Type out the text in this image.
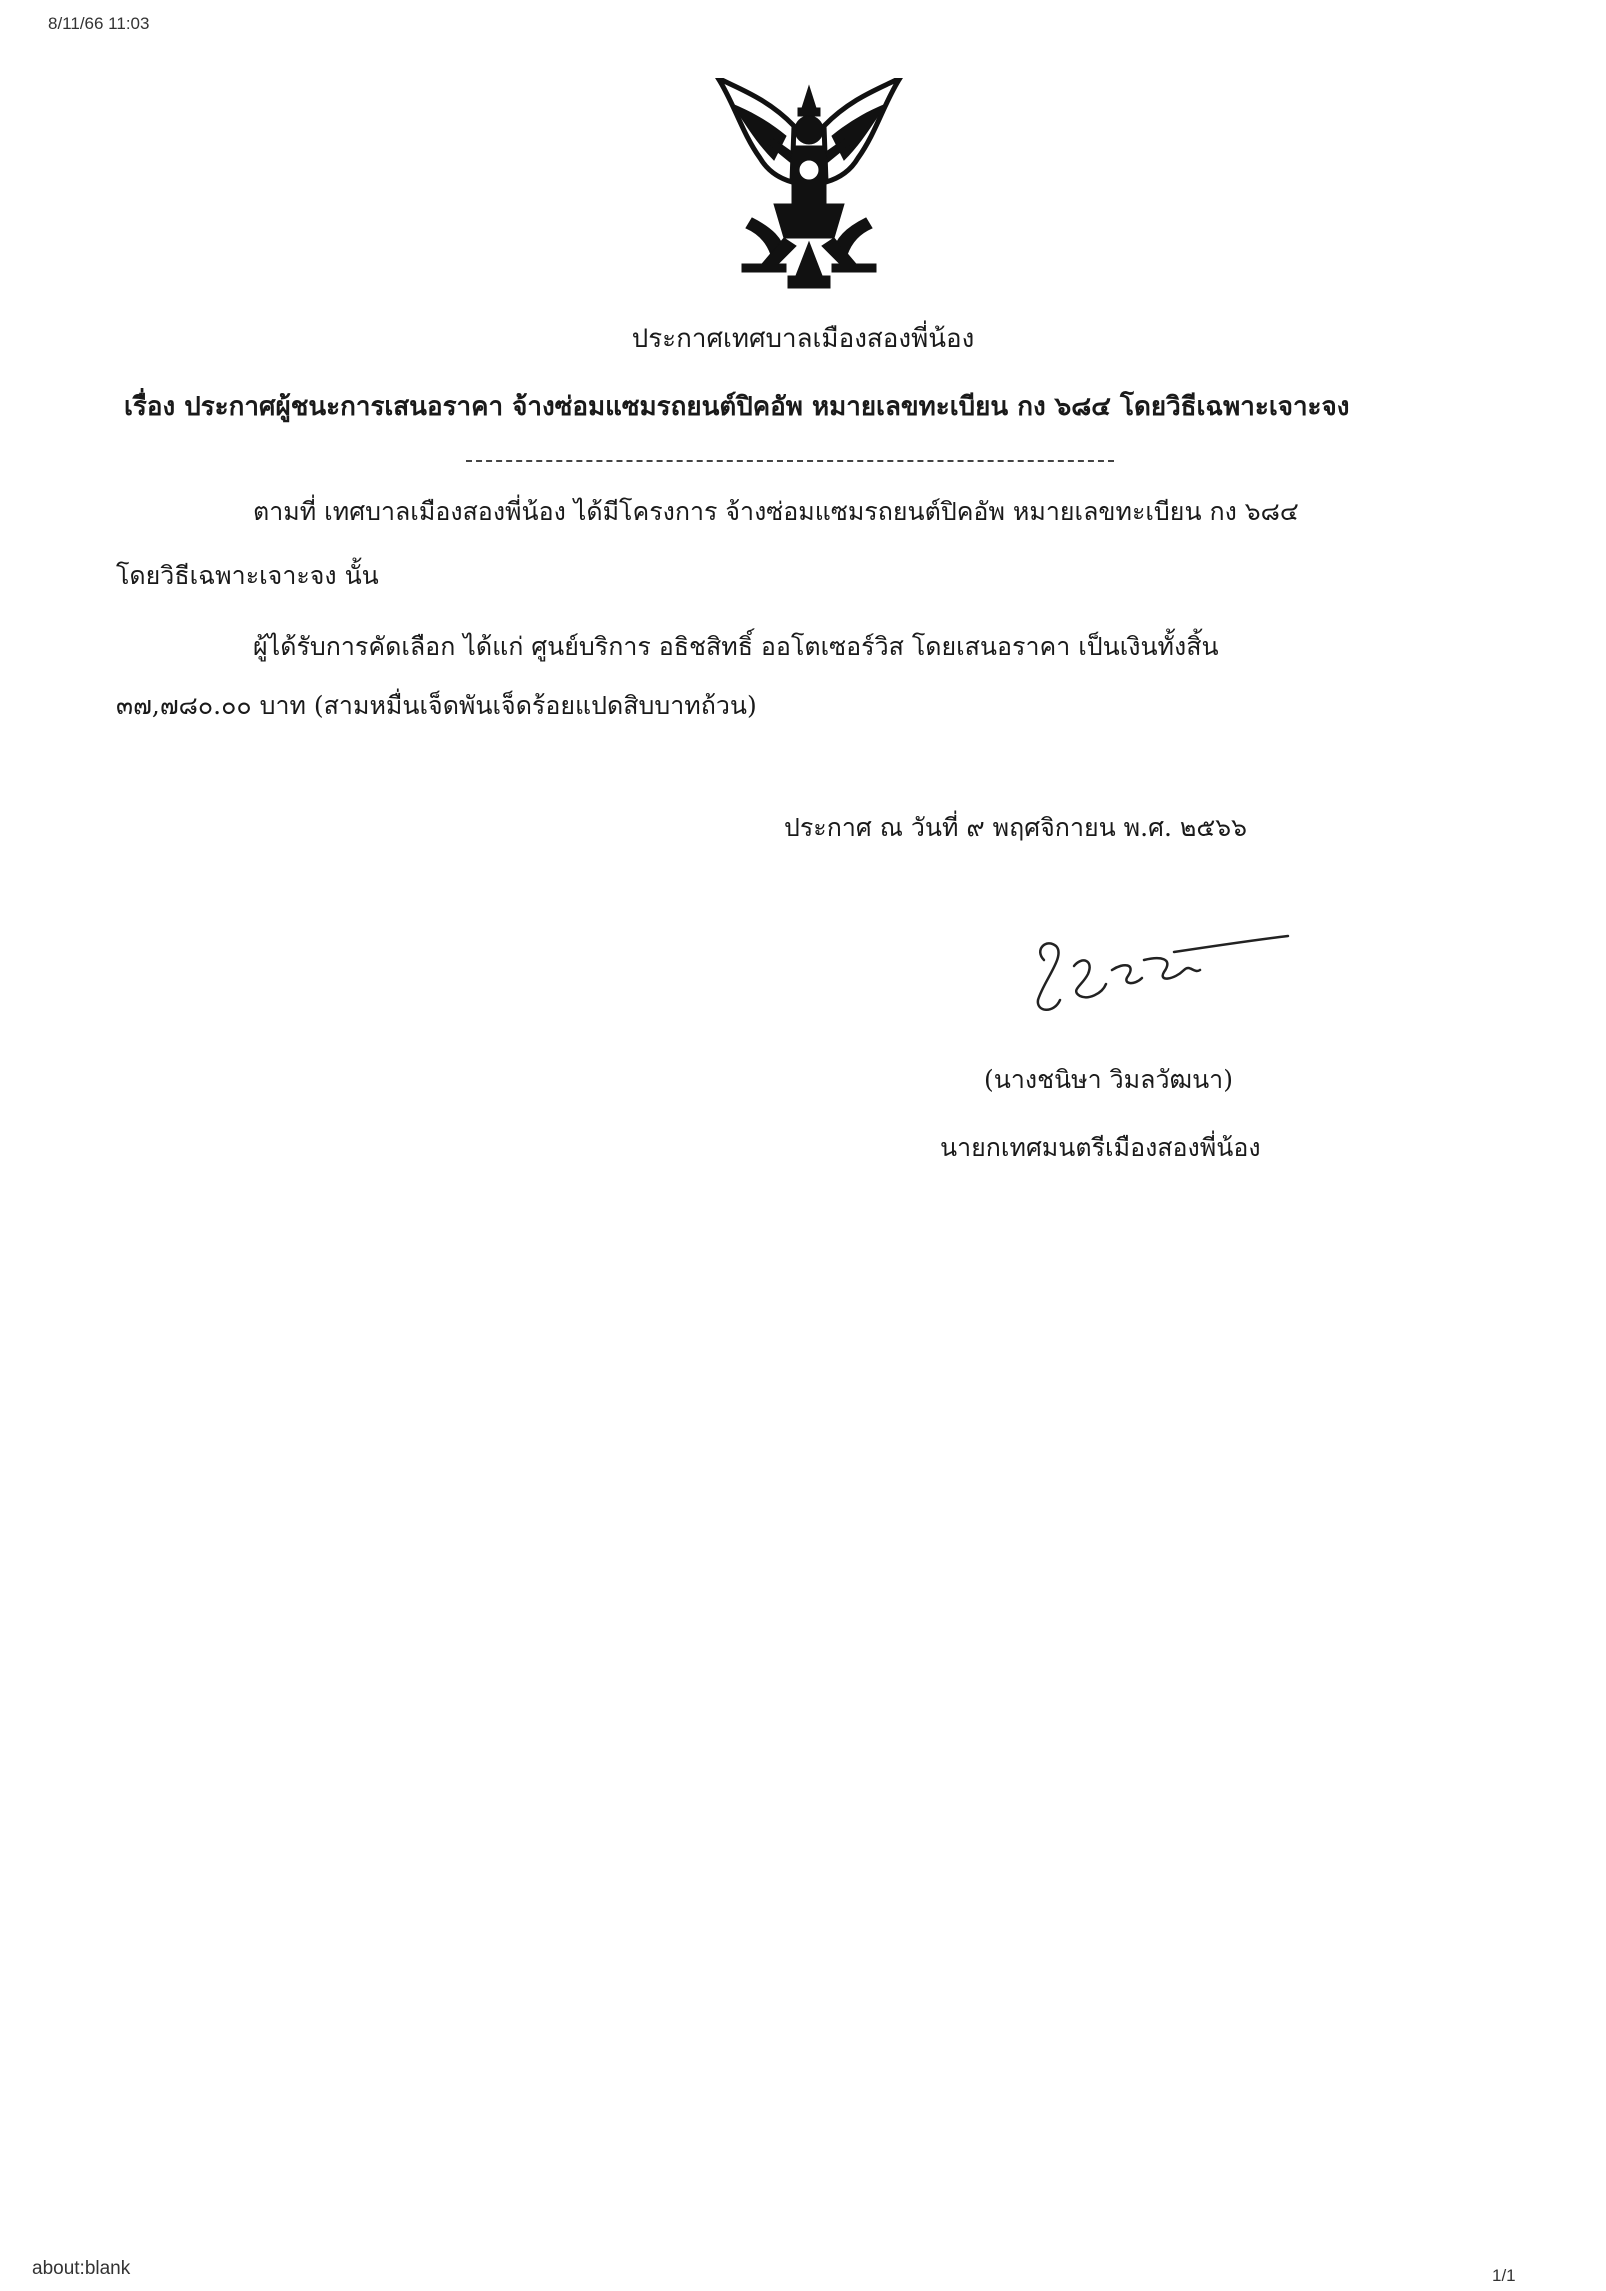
8/11/66 11:03
ประกาศเทศบาลเมืองสองพี่น้อง
เรื่อง ประกาศผู้ชนะการเสนอราคา จ้างซ่อมแซมรถยนต์ปิคอัพ หมายเลขทะเบียน กง ๖๘๔ โดยวิธีเฉพาะเจาะจง
ตามที่ เทศบาลเมืองสองพี่น้อง ได้มีโครงการ จ้างซ่อมแซมรถยนต์ปิคอัพ หมายเลขทะเบียน กง ๖๘๔
โดยวิธีเฉพาะเจาะจง นั้น
ผู้ได้รับการคัดเลือก ได้แก่ ศูนย์บริการ อธิชสิทธิ์ ออโตเซอร์วิส โดยเสนอราคา เป็นเงินทั้งสิ้น
๓๗,๗๘๐.๐๐ บาท (สามหมื่นเจ็ดพันเจ็ดร้อยแปดสิบบาทถ้วน)
ประกาศ ณ วันที่ ๙ พฤศจิกายน พ.ศ. ๒๕๖๖
(นางชนิษา วิมลวัฒนา)
นายกเทศมนตรีเมืองสองพี่น้อง
about:blank	1/1
